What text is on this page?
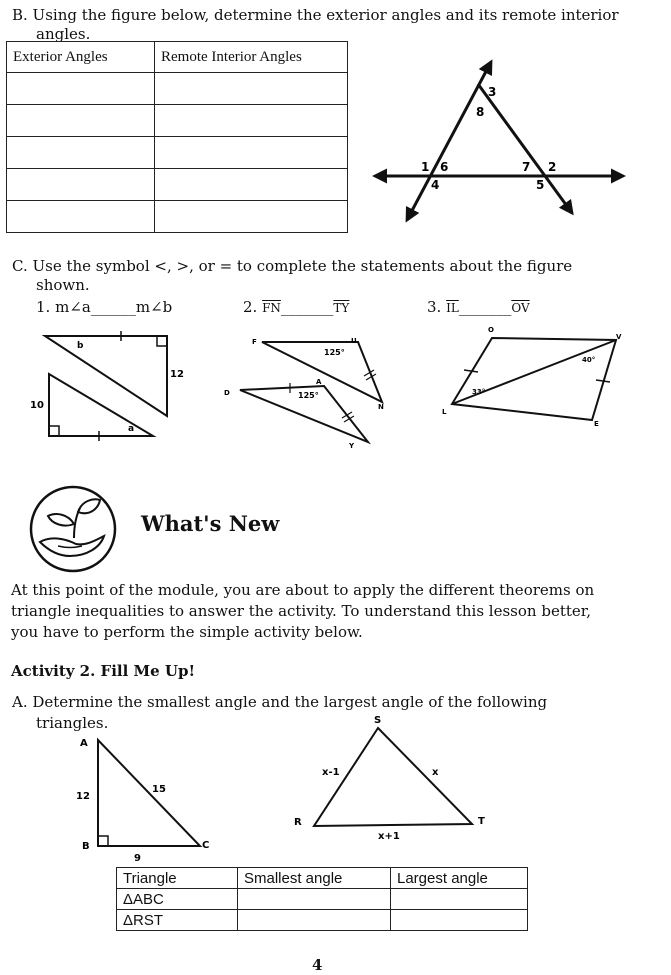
B. Using the figure below, determine the exterior angles and its remote interior
angles.
Exterior Angles	Remote Interior Angles

1 6
4
8
3
7 2
5
C. Use the symbol <, >, or = to complete the statements about the figure
shown.
1. m∠a______m∠b	2. $\overline{FN}\_\_\_\_\_\_\_\overline{TY}$	3. $\overline{IL}\_\_\_\_\_\_\_\overline{OV}$
b
a
12
10
F	U
125°
A
D	125°
N
Y
O
V
40°
33°
L
E
What's New
At this point of the module, you are about to apply the different theorems on
triangle inequalities to answer the activity. To understand this lesson better,
you have to perform the simple activity below.
Activity 2. Fill Me Up!
A. Determine the smallest angle and the largest angle of the following
triangles.
A
B	C
12
15
9
S
R	T
x-1	x
x+1
Triangle	Smallest angle	Largest angle
ΔABC		
ΔRST		
4
